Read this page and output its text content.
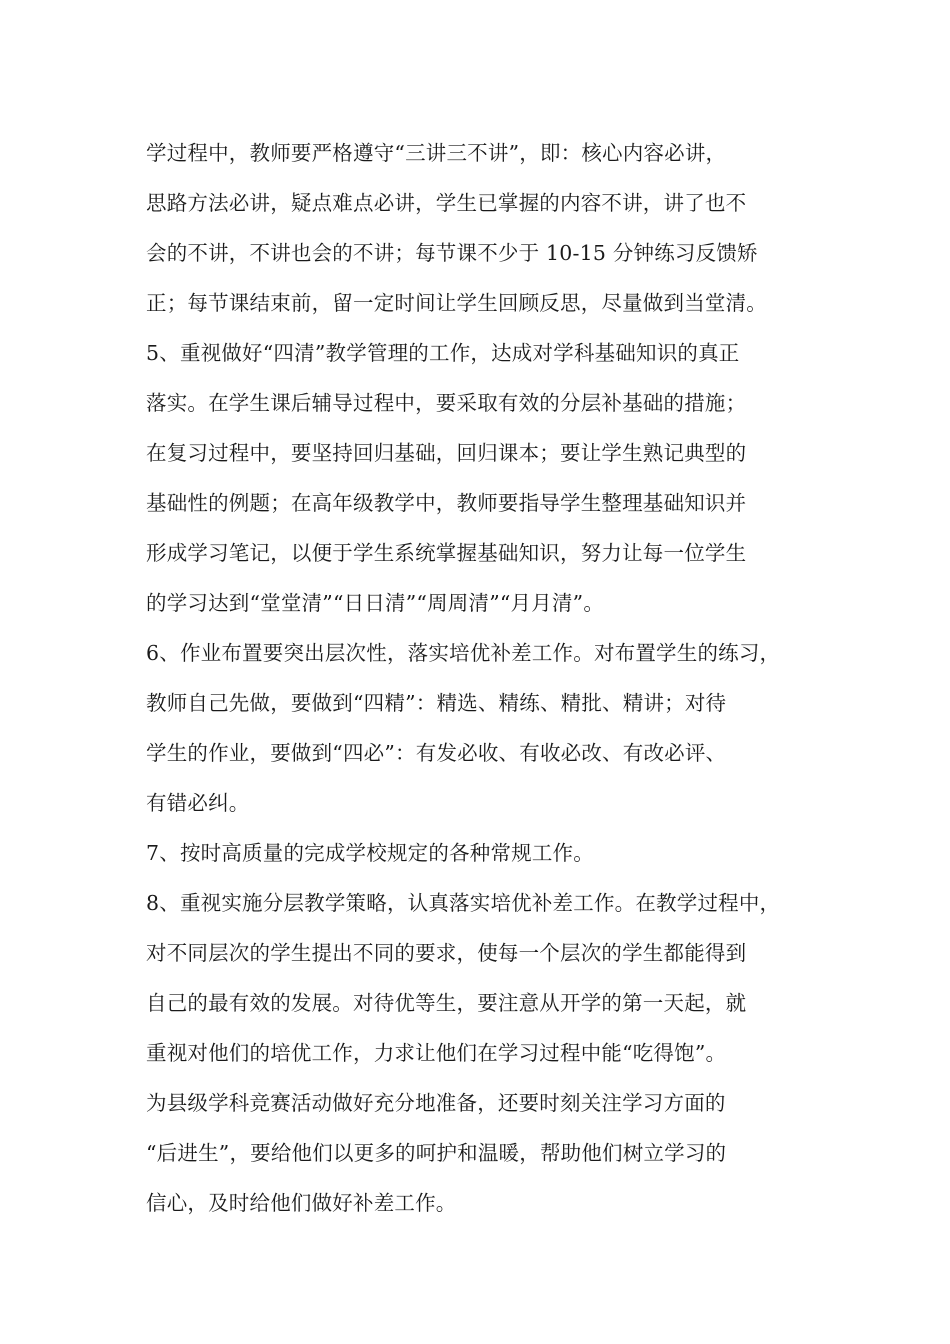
学过程中，教师要严格遵守“三讲三不讲”，即：核心内容必讲，
思路方法必讲，疑点难点必讲，学生已掌握的内容不讲，讲了也不
会的不讲，不讲也会的不讲；每节课不少于 10-15 分钟练习反馈矫
正；每节课结束前，留一定时间让学生回顾反思，尽量做到当堂清。
5、重视做好“四清”教学管理的工作，达成对学科基础知识的真正
落实。在学生课后辅导过程中，要采取有效的分层补基础的措施；
在复习过程中，要坚持回归基础，回归课本；要让学生熟记典型的
基础性的例题；在高年级教学中，教师要指导学生整理基础知识并
形成学习笔记，以便于学生系统掌握基础知识，努力让每一位学生
的学习达到“堂堂清”“日日清”“周周清”“月月清”。
6、作业布置要突出层次性，落实培优补差工作。对布置学生的练习，
教师自己先做，要做到“四精”：精选、精练、精批、精讲；对待
学生的作业，要做到“四必”：有发必收、有收必改、有改必评、
有错必纠。
7、按时高质量的完成学校规定的各种常规工作。
8、重视实施分层教学策略，认真落实培优补差工作。在教学过程中，
对不同层次的学生提出不同的要求，使每一个层次的学生都能得到
自己的最有效的发展。对待优等生，要注意从开学的第一天起，就
重视对他们的培优工作，力求让他们在学习过程中能“吃得饱”。
为县级学科竞赛活动做好充分地准备，还要时刻关注学习方面的
“后进生”，要给他们以更多的呵护和温暖，帮助他们树立学习的
信心，及时给他们做好补差工作。
